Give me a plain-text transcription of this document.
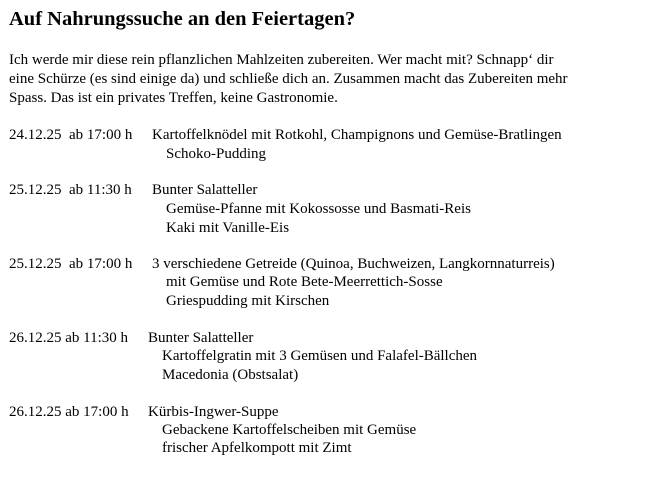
Auf Nahrungssuche an den Feiertagen?
Ich werde mir diese rein pflanzlichen Mahlzeiten zubereiten. Wer macht mit? Schnapp‘ dir
eine Schürze (es sind einige da) und schließe dich an. Zusammen macht das Zubereiten mehr
Spass. Das ist ein privates Treffen, keine Gastronomie.
24.12.25  ab 17:00 h Kartoffelknödel mit Rotkohl, Champignons und Gemüse-Bratlingen
Schoko-Pudding
25.12.25  ab 11:30 h Bunter Salatteller
Gemüse-Pfanne mit Kokossosse und Basmati-Reis
Kaki mit Vanille-Eis
25.12.25  ab 17:00 h 3 verschiedene Getreide (Quinoa, Buchweizen, Langkornnaturreis)
mit Gemüse und Rote Bete-Meerrettich-Sosse
Griespudding mit Kirschen
26.12.25 ab 11:30 h Bunter Salatteller
Kartoffelgratin mit 3 Gemüsen und Falafel-Bällchen
Macedonia (Obstsalat)
26.12.25 ab 17:00 h Kürbis-Ingwer-Suppe
Gebackene Kartoffelscheiben mit Gemüse
frischer Apfelkompott mit Zimt
